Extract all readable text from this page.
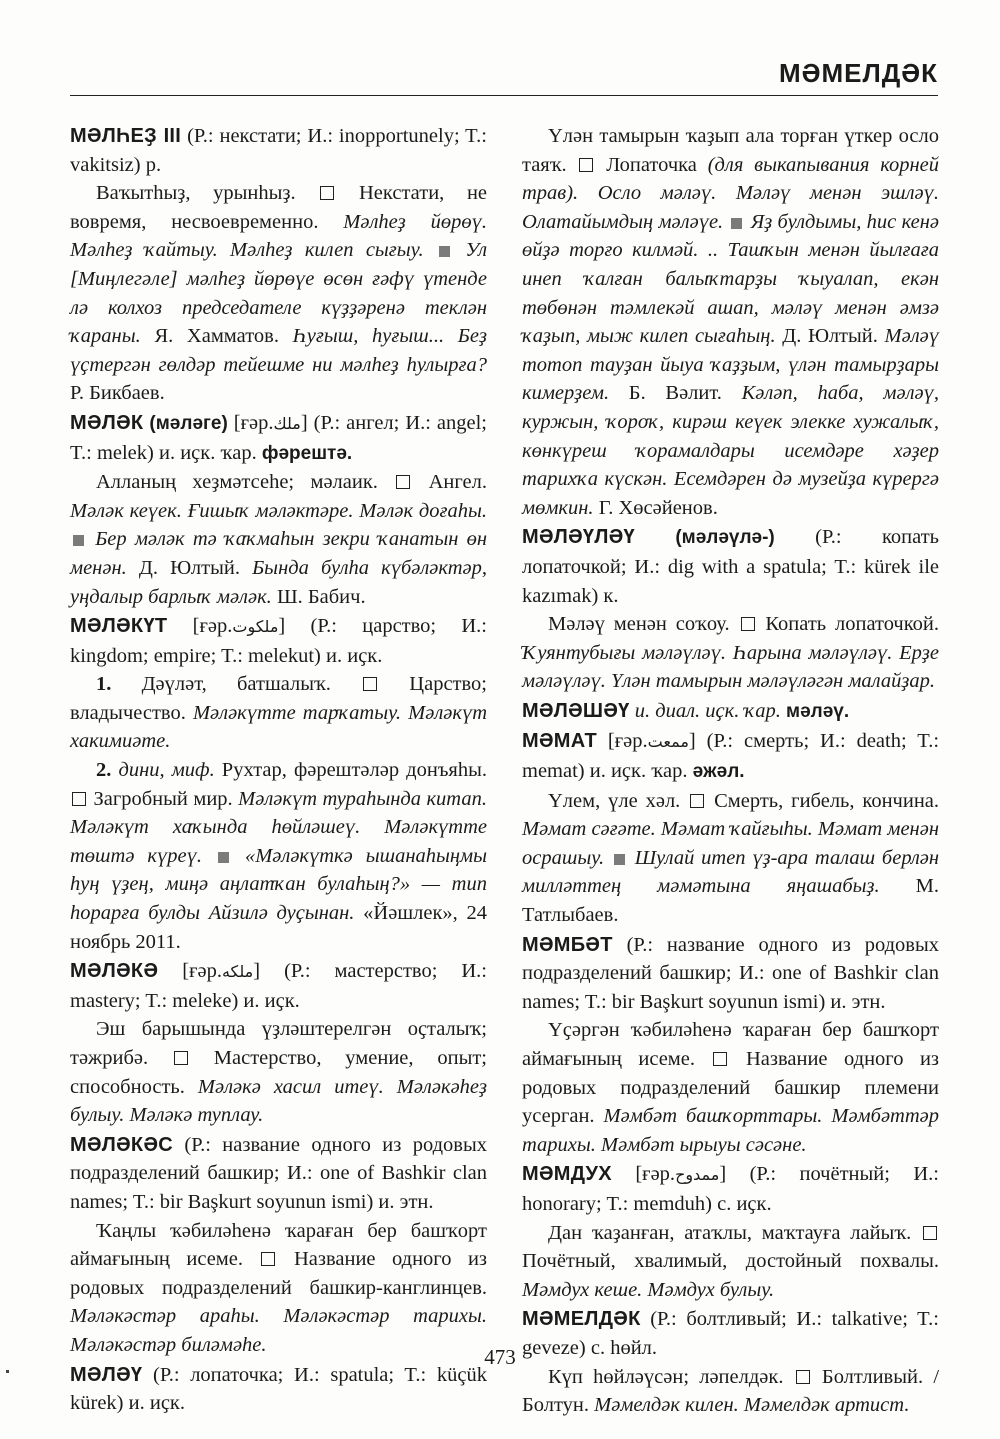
МӘМЕЛДӘК

МӘЛҺЕҘ III (Р.: некстати; И.: inopportunely; T.: vakitsiz) р.

Ваҡытһыҙ, урынһыҙ.	Некстати, не вовремя, несвоевременно. Мәлһеҙ йөрөү. Мәлһеҙ ҡайтыу. Мәлһеҙ килеп сығыу. Ул [Миңлегәле] мәлһеҙ йөрөүе өсөн ғәфү үтенде лә колхоз председателе күҙҙәренә теклән ҡараны. Я. Хамматов. Һуғыш, һуғыш... Беҙ үҫтергән гөлдәр тейешме ни мәлһеҙ һулырға? Р. Бикбаев.

МӘЛӘК (мәләгe) [ғәр.ملك] (Р.: ангел; И.: angel; T.: melek) и. иҫк. ҡар. фәрештә.

Алланың хеҙмәтсеһе; мәлаик. Ангел. Мәләк кеүек. Ғишыҡ мәләктәре. Мәләк доғаһы.  Бер мәләк тә ҡаҡмаһын зекри ҡанатын өн менән. Д. Юлтый. Бында булһа күбәләктәр, уңдалыр барлыҡ мәләк. Ш. Бабич.

МӘЛӘКҮТ [ғәр.ملكوت] (Р.: царство; И.: kingdom; empire; T.: melekut) и. иҫк.

1. Дәүләт, батшалыҡ.	Царство; владычество. Мәләкүтте тарҡатыу. Мәләкүт хакимиәте.

2. дини, миф. Рухтар, фәрештәләр донъяһы.  Загробный мир. Мәләкүт тураһында китап. Мәләкүт хаҡында һөйләшеү. Мәләкүтте төштә күреү. «Мәләкүткә ышанаһыңмы һуң үҙең, миңә аңлатҡан булаһың?» — тип һорарға булды Айзилә дуҫынан. «Йәшлек», 24 ноябрь 2011.

МӘЛӘКӘ [ғәр.ملكه] (Р.: мастерство; И.: mastery; T.: meleke) и. иҫк.

Эш барышында үҙләштерелгән оҫталыҡ; тәжрибә.	Мастерство, умение, опыт; способность. Мәләкә хасил итеү. Мәләкәһеҙ булыу. Мәләкә туплау.

МӘЛӘКӘС (Р.: название одного из родовых подразделений башкир; И.: one of Bashkir clan names; T.: bir Başkurt soyunun ismi) и. этн.

Ҡаңлы ҡәбиләһенә ҡараған бер башҡорт аймағының исеме. Название одного из родовых подразделений башкир-канглинцев. Мәләкәстәр араһы. Мәләкәстәр тарихы. Мәләкәстәр биләмәһе.

МӘЛӘҮ (Р.: лопаточка; И.: spatula; T.: küçük kürek) и. иҫк.

Үлән тамырын ҡаҙып ала торған үткер осло таяҡ. Лопаточка (для выкапывания корней трав). Осло мәләү. Мәләү менән эшләү. Олатайымдың мәләүе. Яҙ булдымы, һис кенә өйҙә торғо килмәй. .. Ташҡын менән йылғаға инеп ҡалған балыҡтарҙы ҡыуалап, екән төбөнән тәмлекәй ашап, мәләү менән әмзә ҡаҙып, мыж килеп сығаһың. Д. Юлтый. Мәләү тотоп тауҙан йыуа ҡаҙҙым, үлән тамырҙары кимерҙем. Б. Вәлит. Кәләп, һаба, мәләү, куржын, ҡороҡ, кирәш кеүек элекке хужалыҡ, көнкүреш ҡорамалдары исемдәре хәҙер тарихҡа күскән. Есемдәрен дә музейҙа күрергә мөмкин. Г. Хөсәйенов.

МӘЛӘҮЛӘҮ (мәләүлә-) (Р.: копать лопаточкой; И.: dig with a spatula; T.: kürek ile kazımak) к.

Мәләү менән соҡоу. Копать лопаточкой. Ҡуянтубығы мәләүләү. Һарына мәләүләү. Ерҙе мәләүләү. Үлән тамырын мәләүләгән малайҙар.

МӘЛӘШӘҮ и. диал. иҫк. ҡар. мәләү.

МӘМАТ [ғәр.ممعت] (Р.: смерть; И.: death; T.: memat) и. иҫк. ҡар. әжәл.

Үлем, үле хәл. Смерть, гибель, кончина. Мәмат сәғәте. Мәмат ҡайғыһы. Мәмат менән осрашыу. Шулай итеп үҙ-ара талаш берлән милләттең мәмәтына яңашабыҙ. М. Татлыбаев.

МӘМБӘТ (Р.: название одного из родовых подразделений башкир; И.: one of Bashkir clan names; T.: bir Başkurt soyunun ismi) и. этн.

Үҫәргән ҡәбиләһенә ҡараған бер башҡорт аймағының исеме. Название одного из родовых подразделений башкир племени усерган. Мәмбәт башҡорттары. Мәмбәттәр тарихы. Мәмбәт ырыуы сәсәне.

МӘМДУХ [ғәр.ممدوح] (Р.: почётный; И.: honorary; T.: memduh) с. иҫк.

Дан ҡаҙанған, атаҡлы, маҡтауға лайыҡ.  Почётный, хвалимый, достойный похвалы. Мәмдух кеше. Мәмдух булыу.

МӘМЕЛДӘК (Р.: болтливый; И.: talkative; T.: geveze) с. һөйл.

Күп һөйләүсән; ләпелдәк. Болтливый. / Болтун. Мәмелдәк килен. Мәмелдәк артист.

473
